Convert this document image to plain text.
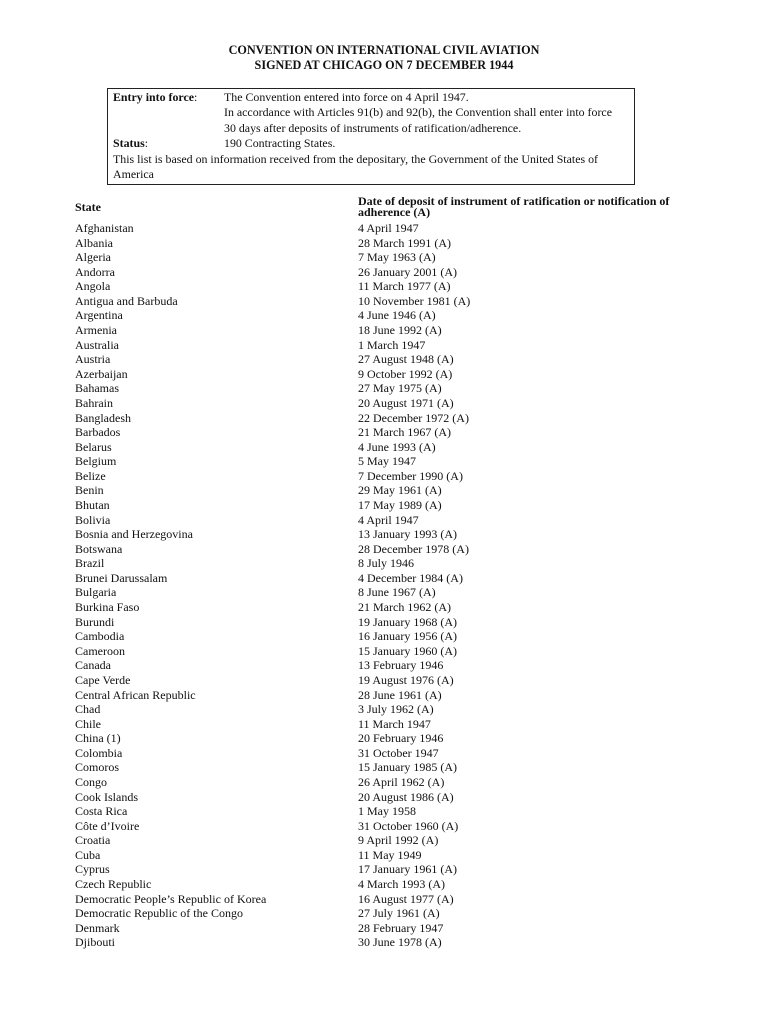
CONVENTION ON INTERNATIONAL CIVIL AVIATION
SIGNED AT CHICAGO ON 7 DECEMBER 1944
Entry into force:	The Convention entered into force on 4 April 1947.
In accordance with Articles 91(b) and 92(b), the Convention shall enter into force
30 days after deposits of instruments of ratification/adherence.
Status:	190 Contracting States.
This list is based on information received from the depositary, the Government of the United States of America
State	Date of deposit of instrument of ratification or notification of adherence (A)
Afghanistan	4 April 1947
Albania	28 March 1991 (A)
Algeria	7 May 1963 (A)
Andorra	26 January 2001 (A)
Angola	11 March 1977 (A)
Antigua and Barbuda	10 November 1981 (A)
Argentina	4 June 1946 (A)
Armenia	18 June 1992 (A)
Australia	1 March 1947
Austria	27 August 1948 (A)
Azerbaijan	9 October 1992 (A)
Bahamas	27 May 1975 (A)
Bahrain	20 August 1971 (A)
Bangladesh	22 December 1972 (A)
Barbados	21 March 1967 (A)
Belarus	4 June 1993 (A)
Belgium	5 May 1947
Belize	7 December 1990 (A)
Benin	29 May 1961 (A)
Bhutan	17 May 1989 (A)
Bolivia	4 April 1947
Bosnia and Herzegovina	13 January 1993 (A)
Botswana	28 December 1978 (A)
Brazil	8 July 1946
Brunei Darussalam	4 December 1984 (A)
Bulgaria	8 June 1967 (A)
Burkina Faso	21 March 1962 (A)
Burundi	19 January 1968 (A)
Cambodia	16 January 1956 (A)
Cameroon	15 January 1960 (A)
Canada	13 February 1946
Cape Verde	19 August 1976 (A)
Central African Republic	28 June 1961 (A)
Chad	3 July 1962 (A)
Chile	11 March 1947
China (1)	20 February 1946
Colombia	31 October 1947
Comoros	15 January 1985 (A)
Congo	26 April 1962 (A)
Cook Islands	20 August 1986 (A)
Costa Rica	1 May 1958
Côte d’Ivoire	31 October 1960 (A)
Croatia	9 April 1992 (A)
Cuba	11 May 1949
Cyprus	17 January 1961 (A)
Czech Republic	4 March 1993 (A)
Democratic People’s Republic of Korea	16 August 1977 (A)
Democratic Republic of the Congo	27 July 1961 (A)
Denmark	28 February 1947
Djibouti	30 June 1978 (A)
